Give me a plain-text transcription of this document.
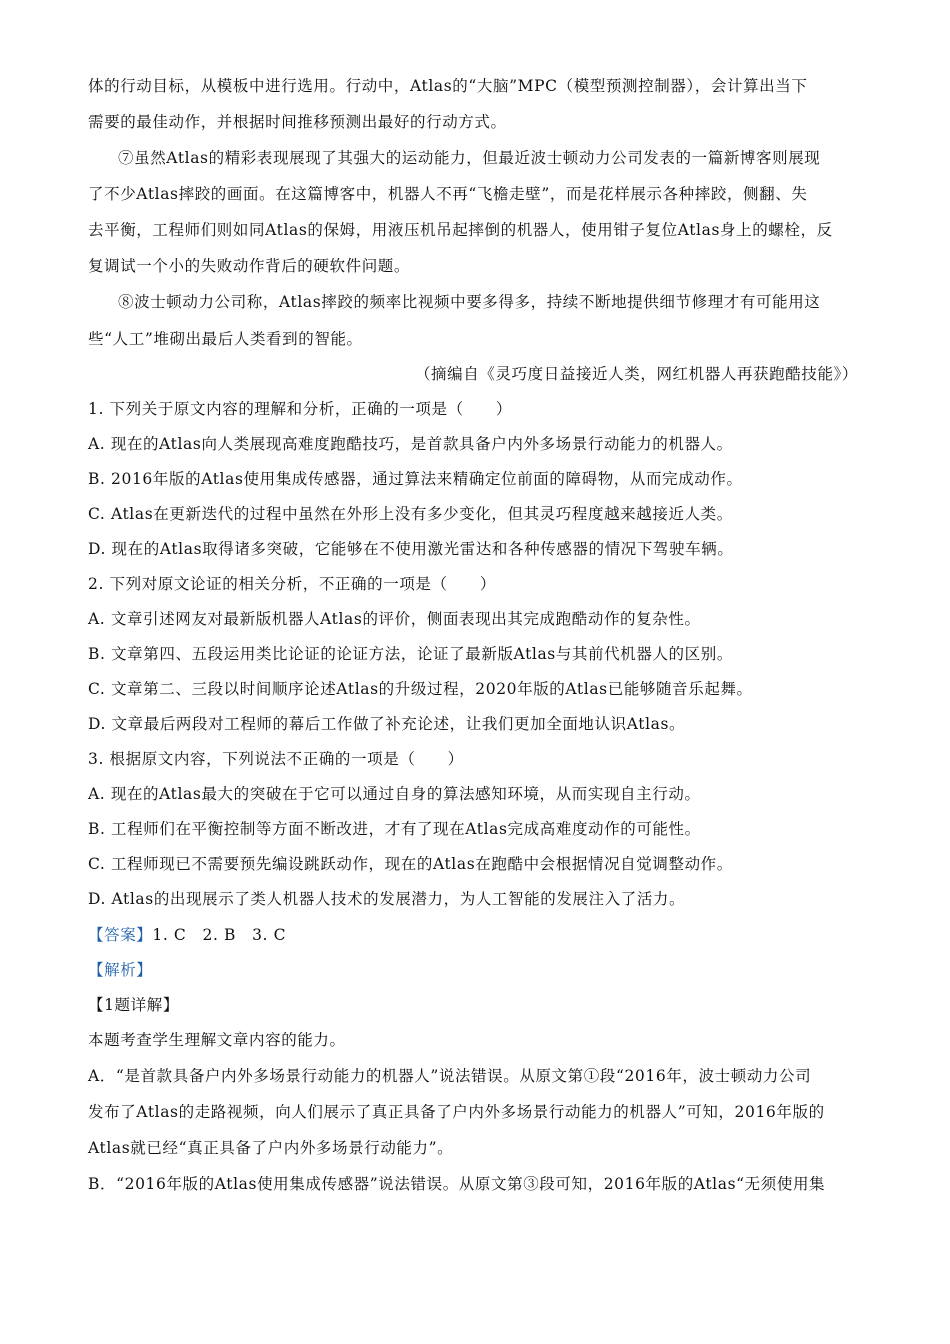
体的行动目标，从模板中进行选用。行动中，Atlas的“大脑”MPC（模型预测控制器），会计算出当下
需要的最佳动作，并根据时间推移预测出最好的行动方式。
⑦虽然Atlas的精彩表现展现了其强大的运动能力，但最近波士顿动力公司发表的一篇新博客则展现
了不少Atlas摔跤的画面。在这篇博客中，机器人不再“飞檐走壁”，而是花样展示各种摔跤，侧翻、失
去平衡，工程师们则如同Atlas的保姆，用液压机吊起摔倒的机器人，使用钳子复位Atlas身上的螺栓，反
复调试一个小的失败动作背后的硬软件问题。
⑧波士顿动力公司称，Atlas摔跤的频率比视频中要多得多，持续不断地提供细节修理才有可能用这
些“人工”堆砌出最后人类看到的智能。
（摘编自《灵巧度日益接近人类，网红机器人再获跑酷技能》）
1. 下列关于原文内容的理解和分析，正确的一项是（　　）
A. 现在的Atlas向人类展现高难度跑酷技巧，是首款具备户内外多场景行动能力的机器人。
B. 2016年版的Atlas使用集成传感器，通过算法来精确定位前面的障碍物，从而完成动作。
C. Atlas在更新迭代的过程中虽然在外形上没有多少变化，但其灵巧程度越来越接近人类。
D. 现在的Atlas取得诸多突破，它能够在不使用激光雷达和各种传感器的情况下驾驶车辆。
2. 下列对原文论证的相关分析，不正确的一项是（　　）
A. 文章引述网友对最新版机器人Atlas的评价，侧面表现出其完成跑酷动作的复杂性。
B. 文章第四、五段运用类比论证的论证方法，论证了最新版Atlas与其前代机器人的区别。
C. 文章第二、三段以时间顺序论述Atlas的升级过程，2020年版的Atlas已能够随音乐起舞。
D. 文章最后两段对工程师的幕后工作做了补充论述，让我们更加全面地认识Atlas。
3. 根据原文内容，下列说法不正确的一项是（　　）
A. 现在的Atlas最大的突破在于它可以通过自身的算法感知环境，从而实现自主行动。
B. 工程师们在平衡控制等方面不断改进，才有了现在Atlas完成高难度动作的可能性。
C. 工程师现已不需要预先编设跳跃动作，现在的Atlas在跑酷中会根据情况自觉调整动作。
D. Atlas的出现展示了类人机器人技术的发展潜力，为人工智能的发展注入了活力。
【答案】1. C　2. B　3. C
【解析】
【1题详解】
本题考查学生理解文章内容的能力。
A．“是首款具备户内外多场景行动能力的机器人”说法错误。从原文第①段“2016年，波士顿动力公司
发布了Atlas的走路视频，向人们展示了真正具备了户内外多场景行动能力的机器人”可知，2016年版的
Atlas就已经“真正具备了户内外多场景行动能力”。
B．“2016年版的Atlas使用集成传感器”说法错误。从原文第③段可知，2016年版的Atlas“无须使用集
